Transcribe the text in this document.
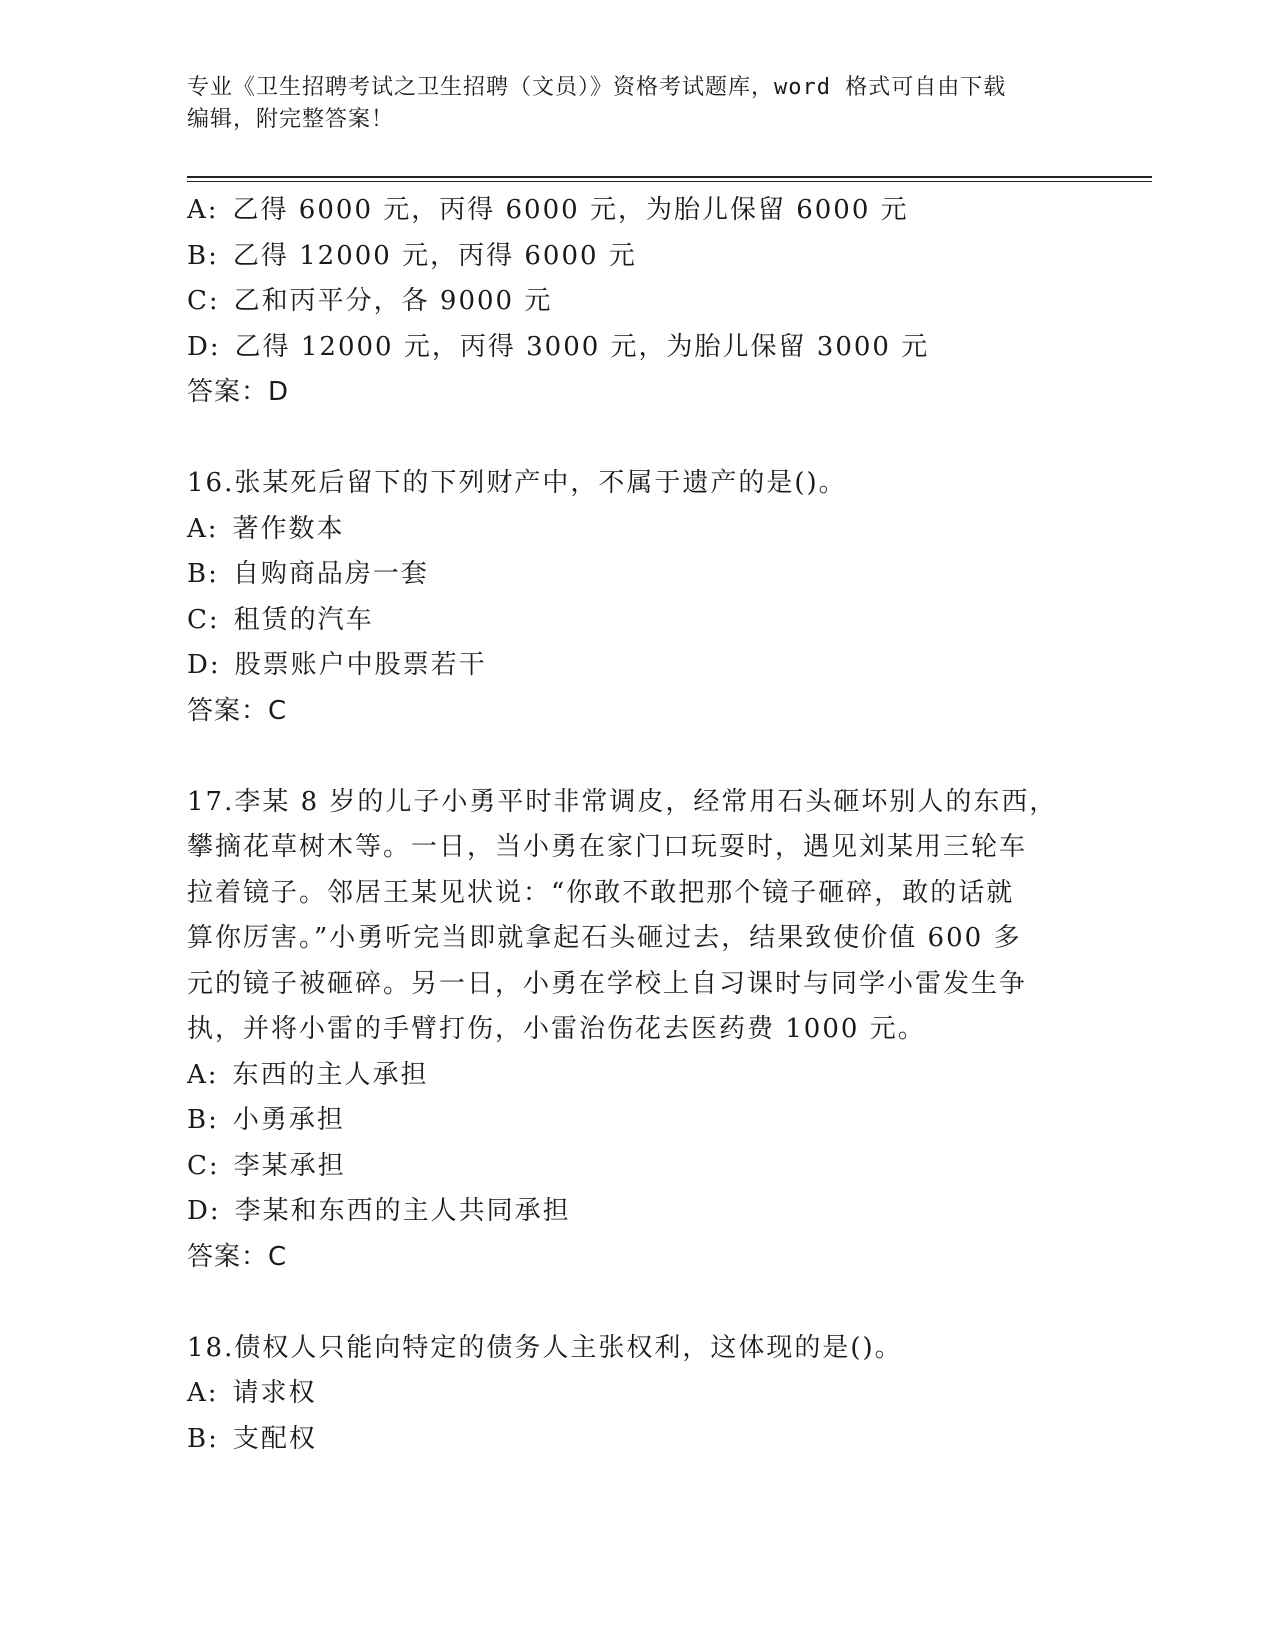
专业《卫生招聘考试之卫生招聘（文员）》资格考试题库，word 格式可自由下载
编辑，附完整答案！
A: 乙得 6000 元，丙得 6000 元，为胎儿保留 6000 元
B: 乙得 12000 元，丙得 6000 元
C: 乙和丙平分，各 9000 元
D: 乙得 12000 元，丙得 3000 元，为胎儿保留 3000 元
答案：D
16.张某死后留下的下列财产中，不属于遗产的是()。
A: 著作数本
B: 自购商品房一套
C: 租赁的汽车
D: 股票账户中股票若干
答案：C
17.李某 8 岁的儿子小勇平时非常调皮，经常用石头砸坏别人的东西，
攀摘花草树木等。一日，当小勇在家门口玩耍时，遇见刘某用三轮车
拉着镜子。邻居王某见状说：“你敢不敢把那个镜子砸碎，敢的话就
算你厉害。”小勇听完当即就拿起石头砸过去，结果致使价值 600 多
元的镜子被砸碎。另一日，小勇在学校上自习课时与同学小雷发生争
执，并将小雷的手臂打伤，小雷治伤花去医药费 1000 元。
A: 东西的主人承担
B: 小勇承担
C: 李某承担
D: 李某和东西的主人共同承担
答案：C
18.债权人只能向特定的债务人主张权利，这体现的是()。
A: 请求权
B: 支配权
